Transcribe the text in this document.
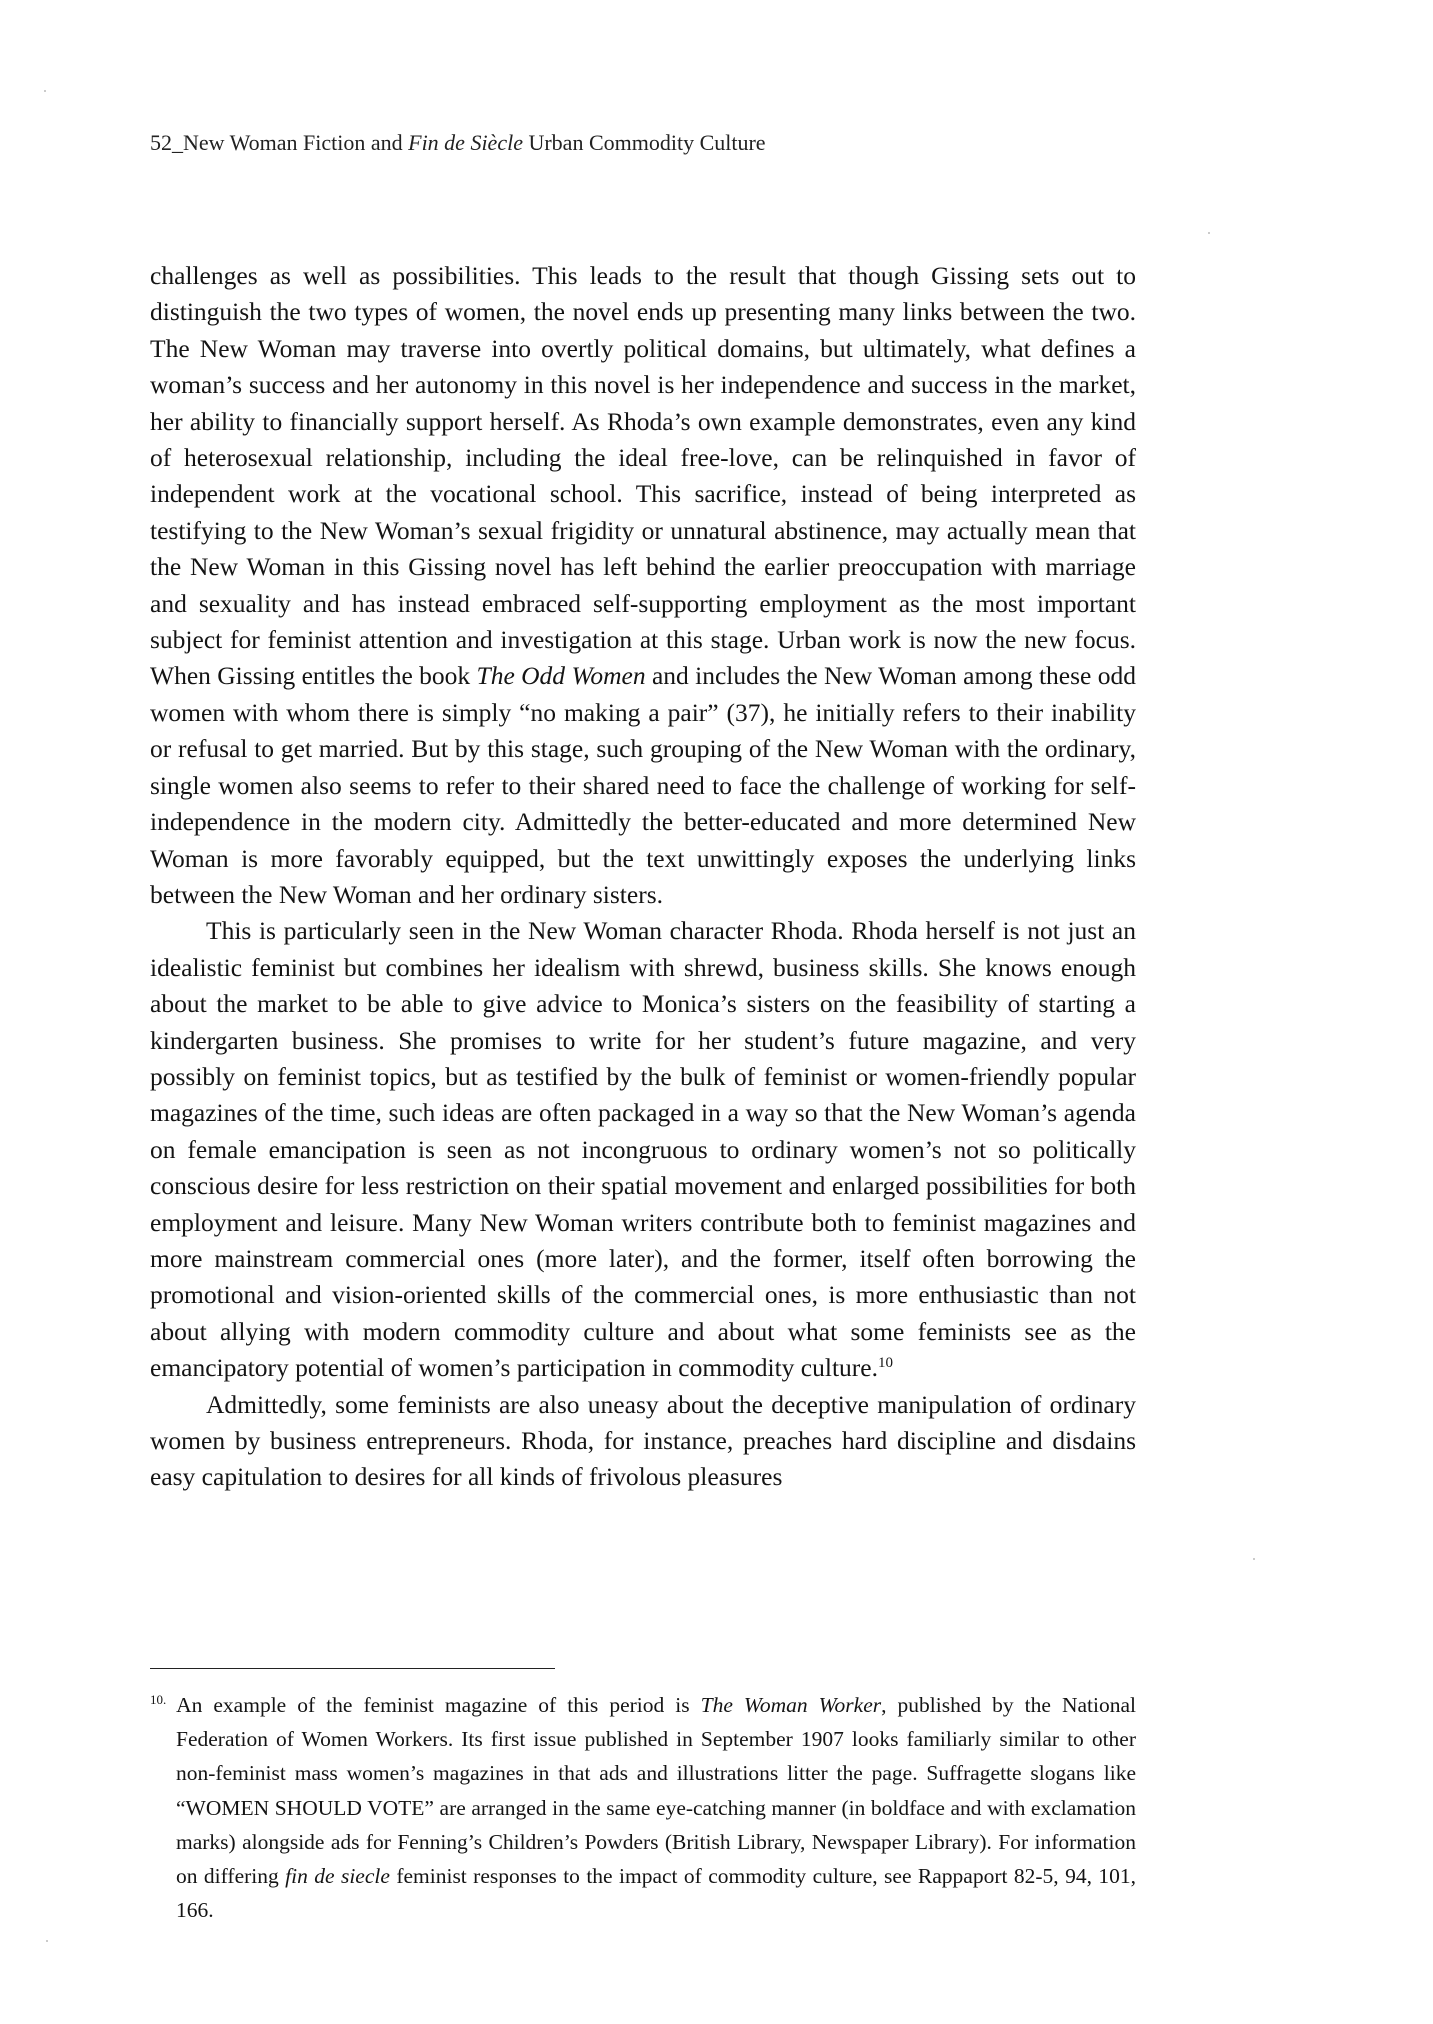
52_New Woman Fiction and Fin de Siècle Urban Commodity Culture

challenges as well as possibilities. This leads to the result that though Gissing sets out to distinguish the two types of women, the novel ends up presenting many links between the two. The New Woman may traverse into overtly political domains, but ultimately, what defines a woman’s success and her autonomy in this novel is her independence and success in the market, her ability to financially support herself. As Rhoda’s own example demonstrates, even any kind of heterosexual relationship, including the ideal free-love, can be relinquished in favor of independent work at the vocational school. This sacrifice, instead of being interpreted as testifying to the New Woman’s sexual frigidity or unnatural abstinence, may actually mean that the New Woman in this Gissing novel has left behind the earlier preoccupation with marriage and sexuality and has instead embraced self-supporting employment as the most important subject for feminist attention and investigation at this stage. Urban work is now the new focus. When Gissing entitles the book The Odd Women and includes the New Woman among these odd women with whom there is simply “no making a pair” (37), he initially refers to their inability or refusal to get married. But by this stage, such grouping of the New Woman with the ordinary, single women also seems to refer to their shared need to face the challenge of working for self-independence in the modern city. Admittedly the better-educated and more determined New Woman is more favorably equipped, but the text unwittingly exposes the underlying links between the New Woman and her ordinary sisters.

This is particularly seen in the New Woman character Rhoda. Rhoda herself is not just an idealistic feminist but combines her idealism with shrewd, business skills. She knows enough about the market to be able to give advice to Monica’s sisters on the feasibility of starting a kindergarten business. She promises to write for her student’s future magazine, and very possibly on feminist topics, but as testified by the bulk of feminist or women-friendly popular magazines of the time, such ideas are often packaged in a way so that the New Woman’s agenda on female emancipation is seen as not incongruous to ordinary women’s not so politically conscious desire for less restriction on their spatial movement and enlarged possibilities for both employment and leisure. Many New Woman writers contribute both to feminist magazines and more mainstream commercial ones (more later), and the former, itself often borrowing the promotional and vision-oriented skills of the commercial ones, is more enthusiastic than not about allying with modern commodity culture and about what some feminists see as the emancipatory potential of women’s participation in commodity culture.$^{10}$

Admittedly, some feminists are also uneasy about the deceptive manipulation of ordinary women by business entrepreneurs. Rhoda, for instance, preaches hard discipline and disdains easy capitulation to desires for all kinds of frivolous pleasures

$^{10.}$ An example of the feminist magazine of this period is The Woman Worker, published by the National Federation of Women Workers. Its first issue published in September 1907 looks familiarly similar to other non-feminist mass women’s magazines in that ads and illustrations litter the page. Suffragette slogans like “WOMEN SHOULD VOTE” are arranged in the same eye-catching manner (in boldface and with exclamation marks) alongside ads for Fenning’s Children’s Powders (British Library, Newspaper Library). For information on differing fin de siecle feminist responses to the impact of commodity culture, see Rappaport 82-5, 94, 101, 166.
